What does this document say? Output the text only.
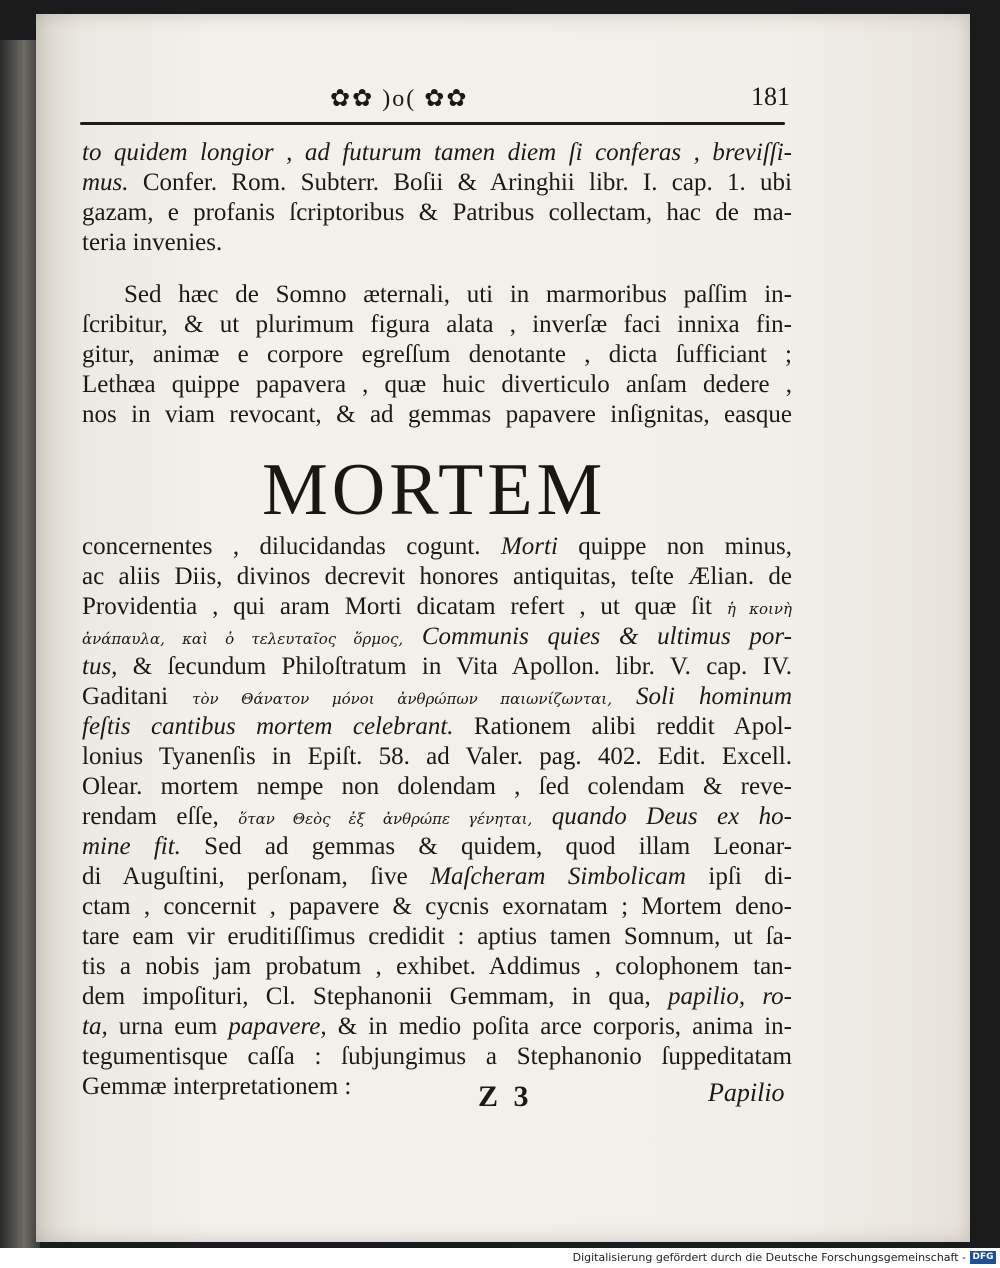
✿✿ )o( ✿✿	181
to quidem longior , ad futurum tamen diem ſi conferas , breviſſi-
mus. Confer. Rom. Subterr. Boſii & Aringhii libr. I. cap. 1. ubi
gazam, e profanis ſcriptoribus & Patribus collectam, hac de ma-
teria invenies.
Sed hæc de Somno æternali, uti in marmoribus paſſim in-
ſcribitur, & ut plurimum figura alata , inverſæ faci innixa fin-
gitur, animæ e corpore egreſſum denotante , dicta ſufficiant ;
Lethæa quippe papavera , quæ huic diverticulo anſam dedere ,
nos in viam revocant, & ad gemmas papavere inſignitas, easque
concernentes , dilucidandas cogunt. Morti quippe non minus,
ac aliis Diis, divinos decrevit honores antiquitas, teſte Ælian. de
Providentia , qui aram Morti dicatam refert , ut quæ ſit ἡ κοινὴ
ἀνάπαυλα, καὶ ὁ τελευταῖος ὅρμος, Communis quies & ultimus por-
tus, & ſecundum Philoſtratum in Vita Apollon. libr. V. cap. IV.
Gaditani τὸν Θάνατον μόνοι ἀνθρώπων παιωνίζωνται, Soli hominum
feſtis cantibus mortem celebrant. Rationem alibi reddit Apol-
lonius Tyanenſis in Epiſt. 58. ad Valer. pag. 402. Edit. Excell.
Olear. mortem nempe non dolendam , ſed colendam & reve-
rendam eſſe, ὅταν Θεὸς ἐξ ἀνθρώπε γένηται, quando Deus ex ho-
mine fit. Sed ad gemmas & quidem, quod illam Leonar-
di Auguſtini, perſonam, ſive Maſcheram Simbolicam ipſi di-
ctam , concernit , papavere & cycnis exornatam ; Mortem deno-
tare eam vir eruditiſſimus credidit : aptius tamen Somnum, ut ſa-
tis a nobis jam probatum , exhibet. Addimus , colophonem tan-
dem impoſituri, Cl. Stephanonii Gemmam, in qua, papilio, ro-
ta, urna eum papavere, & in medio poſita arce corporis, anima in-
tegumentisque caſſa : ſubjungimus a Stephanonio ſuppeditatam
Gemmæ interpretationem :
MORTEM
Z 3	Papilio
Digitalisierung gefördert durch die Deutsche Forschungsgemeinschaft - DFG
